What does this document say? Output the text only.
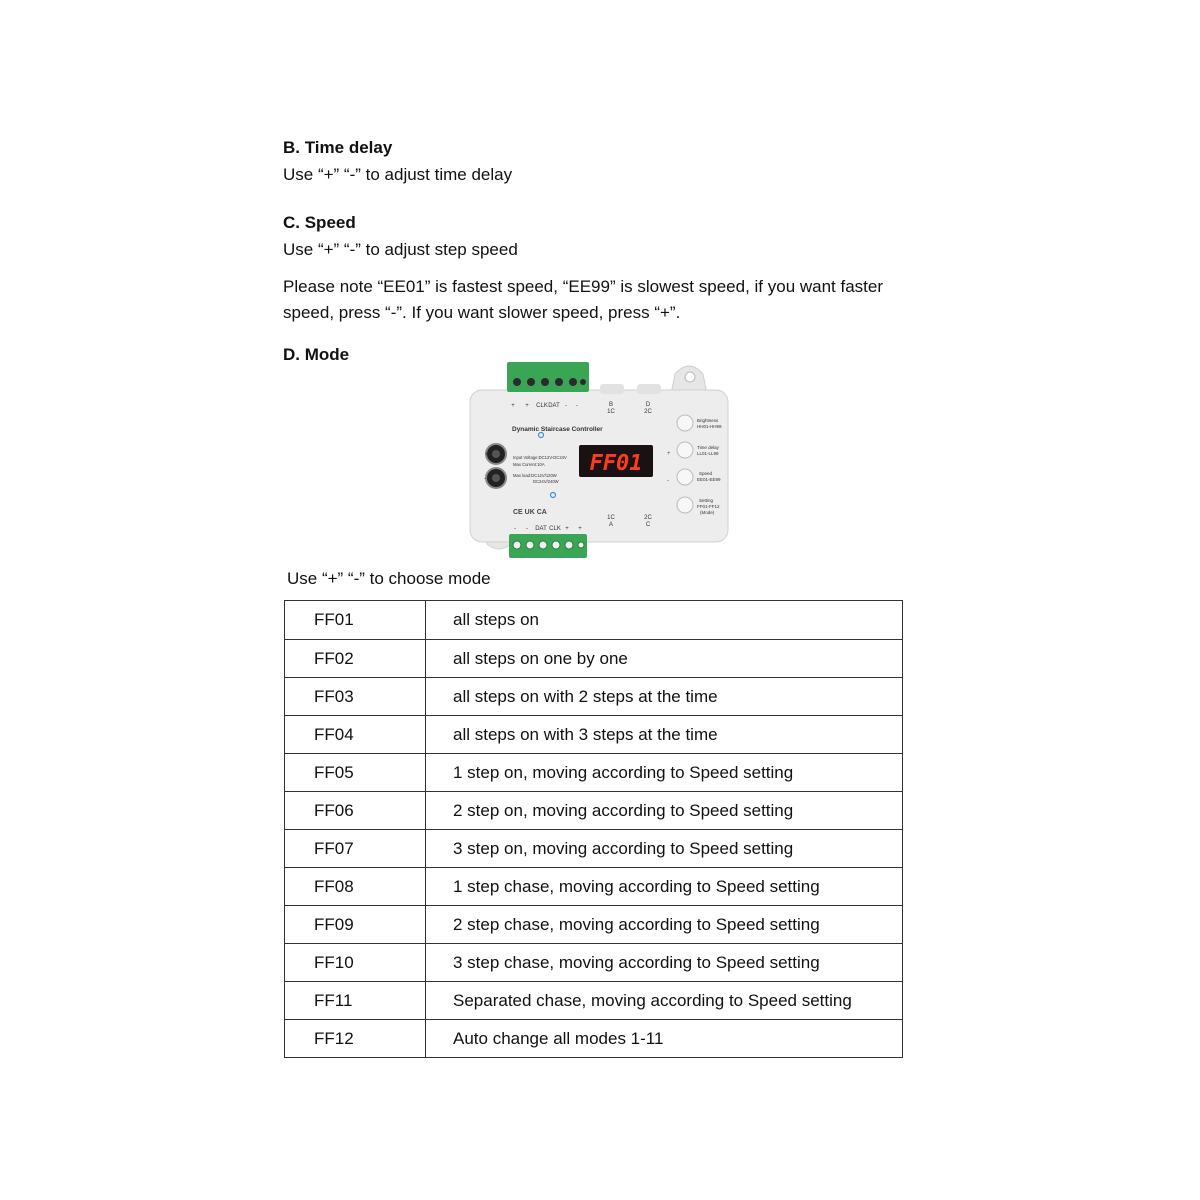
B. Time delay
Use “+” “-” to adjust time delay
C. Speed
Use “+” “-” to adjust step speed
Please note “EE01” is fastest speed, “EE99” is slowest speed, if you want faster
speed, press “-”. If you want slower speed, press “+”.
D. Mode
+ + CLK DAT - -	B
1C
D
2C
1C
A
2C
C
Dynamic Staircase Controller
+
-
Input Voltage:DC12V-DC24V
Max Current:10A
Max load:DC12V/120W
DC24V/240W
CE UK CA
FF01	+
-
Brightness
HH01-HH99
Time delay
LL01-LL99
Speed
EE01-EE99
Setting
FF01-FF12
(Mode)
- - DAT CLK + +
Use “+” “-” to choose mode
FF01	all steps on
FF02	all steps on one by one
FF03	all steps on with 2 steps at the time
FF04	all steps on with 3 steps at the time
FF05	1 step on, moving according to Speed setting
FF06	2 step on, moving according to Speed setting
FF07	3 step on, moving according to Speed setting
FF08	1 step chase, moving according to Speed setting
FF09	2 step chase, moving according to Speed setting
FF10	3 step chase, moving according to Speed setting
FF11	Separated chase, moving according to Speed setting
FF12	Auto change all modes 1-11
